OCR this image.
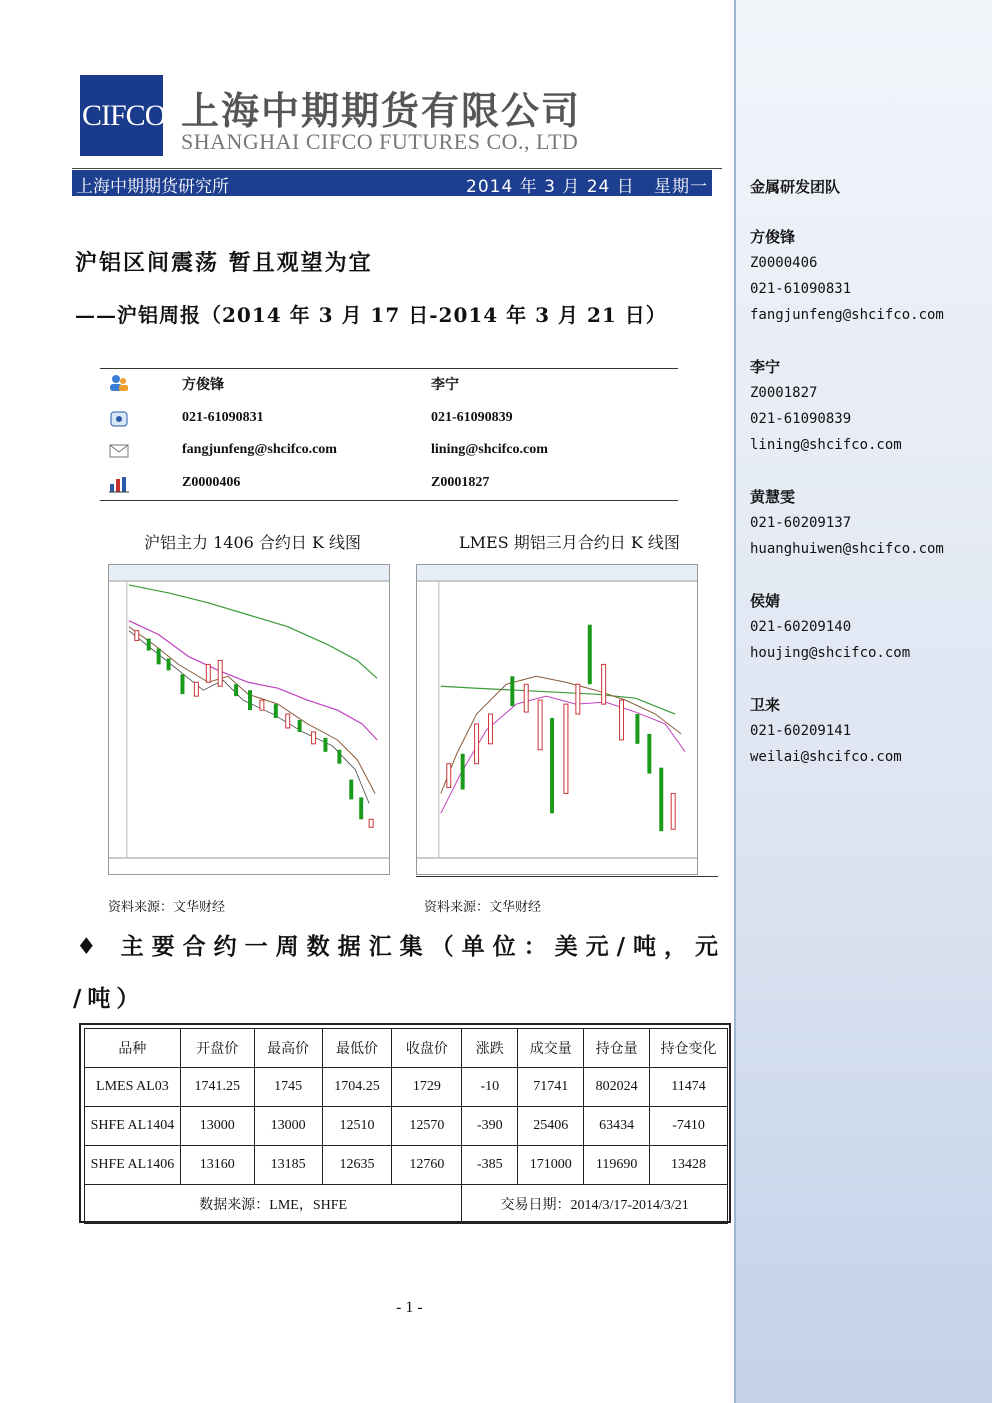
CIFCO 上海中期期货有限公司
SHANGHAI CIFCO FUTURES CO., LTD
上海中期期货研究所	2014 年 3 月 24 日 星期一
沪铝区间震荡 暂且观望为宜
——沪铝周报（2014 年 3 月 17 日-2014 年 3 月 21 日）
方俊锋	李宁
021-61090831	021-61090839
fangjunfeng@shcifco.com	lining@shcifco.com
Z0000406	Z0001827
沪铝主力 1406 合约日 K 线图	LMES 期铝三月合约日 K 线图
资料来源：文华财经	资料来源：文华财经
♦ 主要合约一周数据汇集（单位：美元/吨，元
/吨）
品种	开盘价	最高价	最低价	收盘价	涨跌	成交量	持仓量	持仓变化
LMES AL03	1741.25	1745	1704.25	1729	-10	71741	802024	11474
SHFE AL1404	13000	13000	12510	12570	-390	25406	63434	-7410
SHFE AL1406	13160	13185	12635	12760	-385	171000	119690	13428
数据来源：LME，SHFE					交易日期：2014/3/17-2014/3/21			
- 1 -
金属研发团队
方俊锋
Z0000406
021-61090831
fangjunfeng@shcifco.com
李宁
Z0001827
021-61090839
lining@shcifco.com
黄慧雯
021-60209137
huanghuiwen@shcifco.com
侯婧
021-60209140
houjing@shcifco.com
卫来
021-60209141
weilai@shcifco.com
